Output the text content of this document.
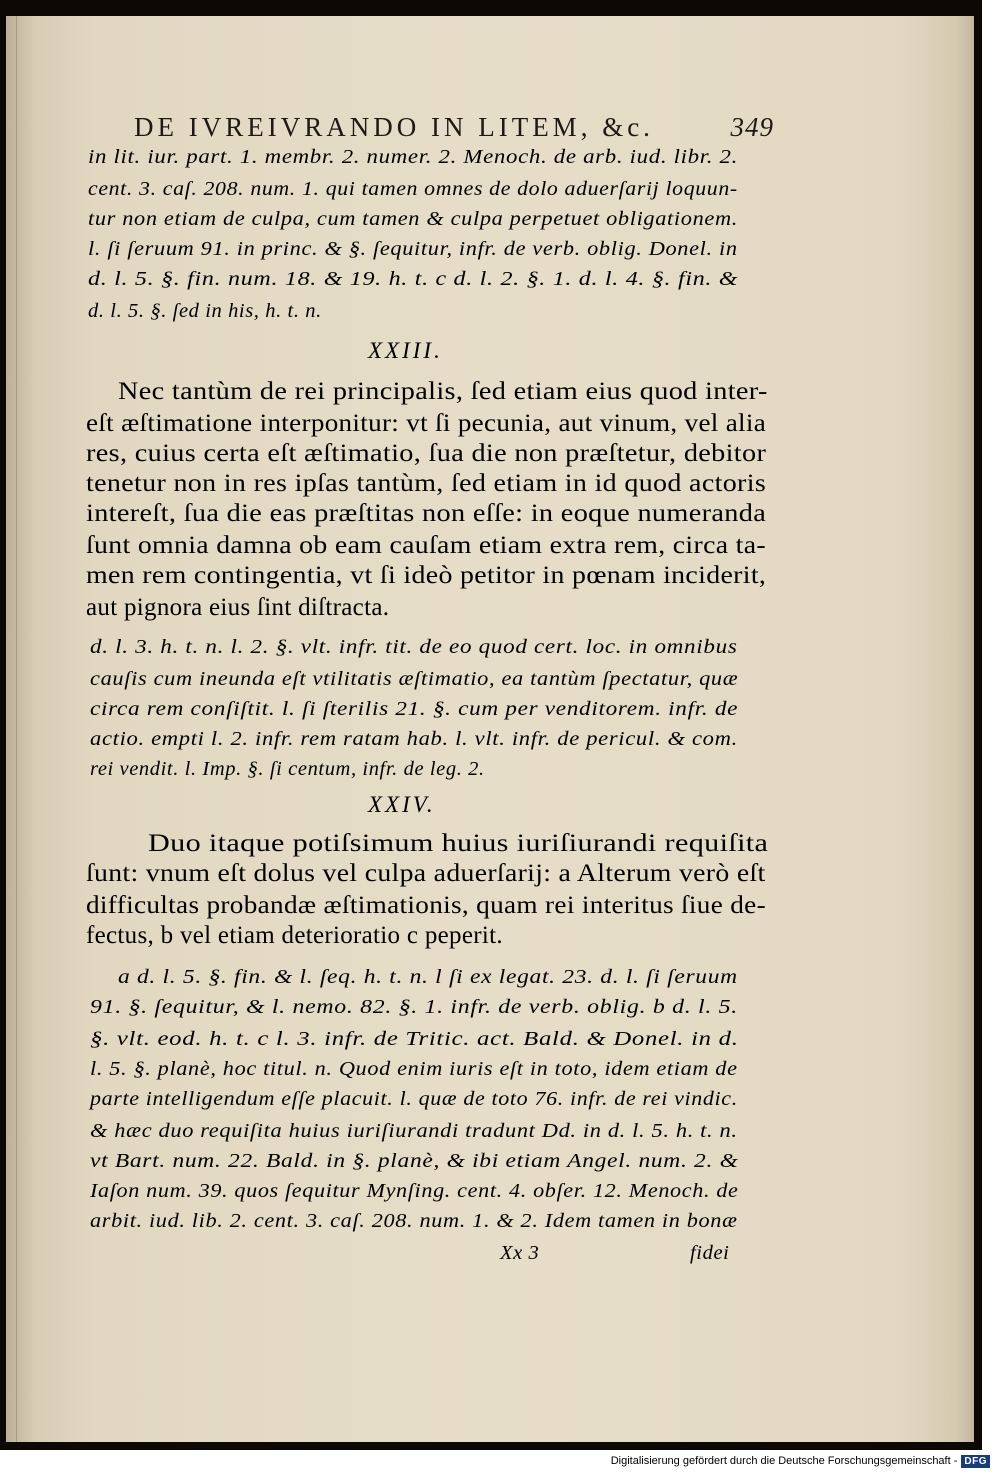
DE IVREIVRANDO IN LITEM, &c.	349
in lit. iur. part. 1. membr. 2. numer. 2. Menoch. de arb. iud. libr. 2.
cent. 3. caſ. 208. num. 1. qui tamen omnes de dolo aduerſarij loquun-
tur non etiam de culpa, cum tamen & culpa perpetuet obligationem.
l. ſi ſeruum 91. in princ. & §. ſequitur, infr. de verb. oblig. Donel. in
d. l. 5. §. fin. num. 18. & 19. h. t. c d. l. 2. §. 1. d. l. 4. §. fin. &
d. l. 5. §. ſed in his, h. t. n.
XXIII.
Nec tantùm de rei principalis, ſed etiam eius quod inter-
eſt æſtimatione interponitur: vt ſi pecunia, aut vinum, vel alia
res, cuius certa eſt æſtimatio, ſua die non præſtetur, debitor
tenetur non in res ipſas tantùm, ſed etiam in id quod actoris
intereſt, ſua die eas præſtitas non eſſe: in eoque numeranda
ſunt omnia damna ob eam cauſam etiam extra rem, circa ta-
men rem contingentia, vt ſi ideò petitor in pœnam inciderit,
aut pignora eius ſint diſtracta.
d. l. 3. h. t. n. l. 2. §. vlt. infr. tit. de eo quod cert. loc. in omnibus
cauſis cum ineunda eſt vtilitatis æſtimatio, ea tantùm ſpectatur, quæ
circa rem conſiſtit. l. ſi ſterilis 21. §. cum per venditorem. infr. de
actio. empti l. 2. infr. rem ratam hab. l. vlt. infr. de pericul. & com.
rei vendit. l. Imp. §. ſi centum, infr. de leg. 2.
XXIV.
Duo itaque potiſsimum huius iuriſiurandi requiſita
ſunt: vnum eſt dolus vel culpa aduerſarij: a Alterum verò eſt
difficultas probandæ æſtimationis, quam rei interitus ſiue de-
fectus, b vel etiam deterioratio c peperit.
a d. l. 5. §. fin. & l. ſeq. h. t. n. l ſi ex legat. 23. d. l. ſi ſeruum
91. §. ſequitur, & l. nemo. 82. §. 1. infr. de verb. oblig. b d. l. 5.
§. vlt. eod. h. t. c l. 3. infr. de Tritic. act. Bald. & Donel. in d.
l. 5. §. planè, hoc titul. n. Quod enim iuris eſt in toto, idem etiam de
parte intelligendum eſſe placuit. l. quæ de toto 76. infr. de rei vindic.
& hæc duo requiſita huius iuriſiurandi tradunt Dd. in d. l. 5. h. t. n.
vt Bart. num. 22. Bald. in §. planè, & ibi etiam Angel. num. 2. &
Iaſon num. 39. quos ſequitur Mynſing. cent. 4. obſer. 12. Menoch. de
arbit. iud. lib. 2. cent. 3. caſ. 208. num. 1. & 2. Idem tamen in bonæ
Xx 3	fidei
Digitalisierung gefördert durch die Deutsche Forschungsgemeinschaft - DFG
